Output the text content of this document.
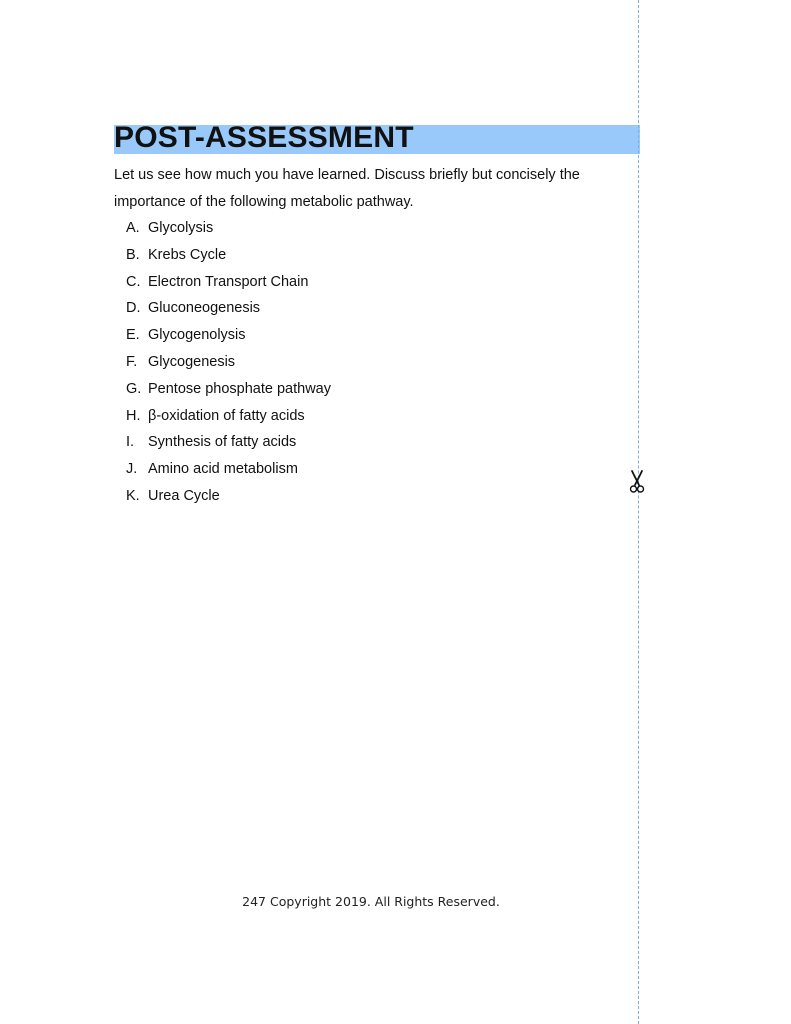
POST-ASSESSMENT

Let us see how much you have learned. Discuss briefly but concisely the importance of the following metabolic pathway.

A. Glycolysis
B. Krebs Cycle
C. Electron Transport Chain
D. Gluconeogenesis
E. Glycogenolysis
F. Glycogenesis
G. Pentose phosphate pathway
H. β-oxidation of fatty acids
I. Synthesis of fatty acids
J. Amino acid metabolism
K. Urea Cycle
247 Copyright 2019. All Rights Reserved.
